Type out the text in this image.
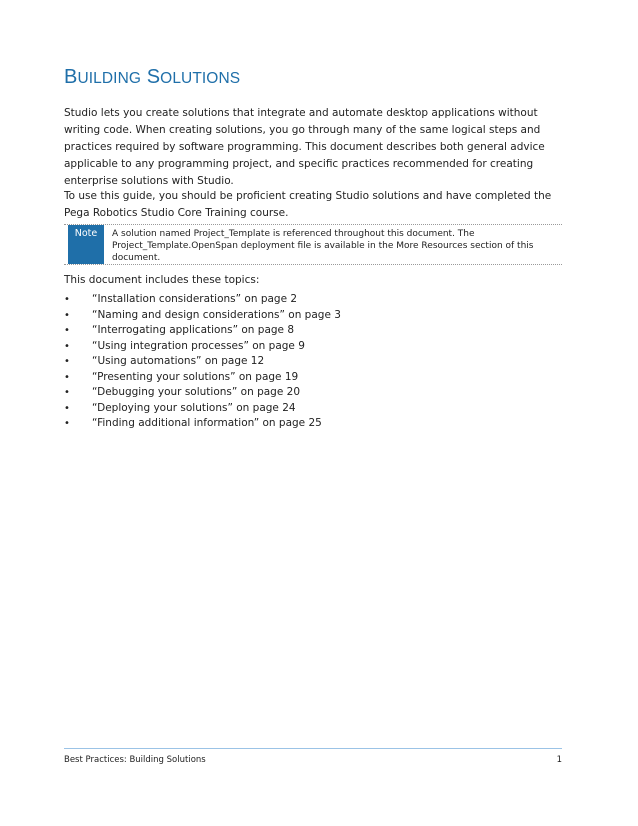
BUILDING SOLUTIONS

Studio lets you create solutions that integrate and automate desktop applications without writing code. When creating solutions, you go through many of the same logical steps and practices required by software programming. This document describes both general advice applicable to any programming project, and specific practices recommended for creating enterprise solutions with Studio.

To use this guide, you should be proficient creating Studio solutions and have completed the Pega Robotics Studio Core Training course.

Note	A solution named Project_Template is referenced throughout this document. The Project_Template.OpenSpan deployment file is available in the More Resources section of this document.
This document includes these topics:
• “Installation considerations” on page 2
• “Naming and design considerations” on page 3
• “Interrogating applications” on page 8
• “Using integration processes” on page 9
• “Using automations” on page 12
• “Presenting your solutions” on page 19
• “Debugging your solutions” on page 20
• “Deploying your solutions” on page 24
• “Finding additional information” on page 25
Best Practices: Building Solutions	1
